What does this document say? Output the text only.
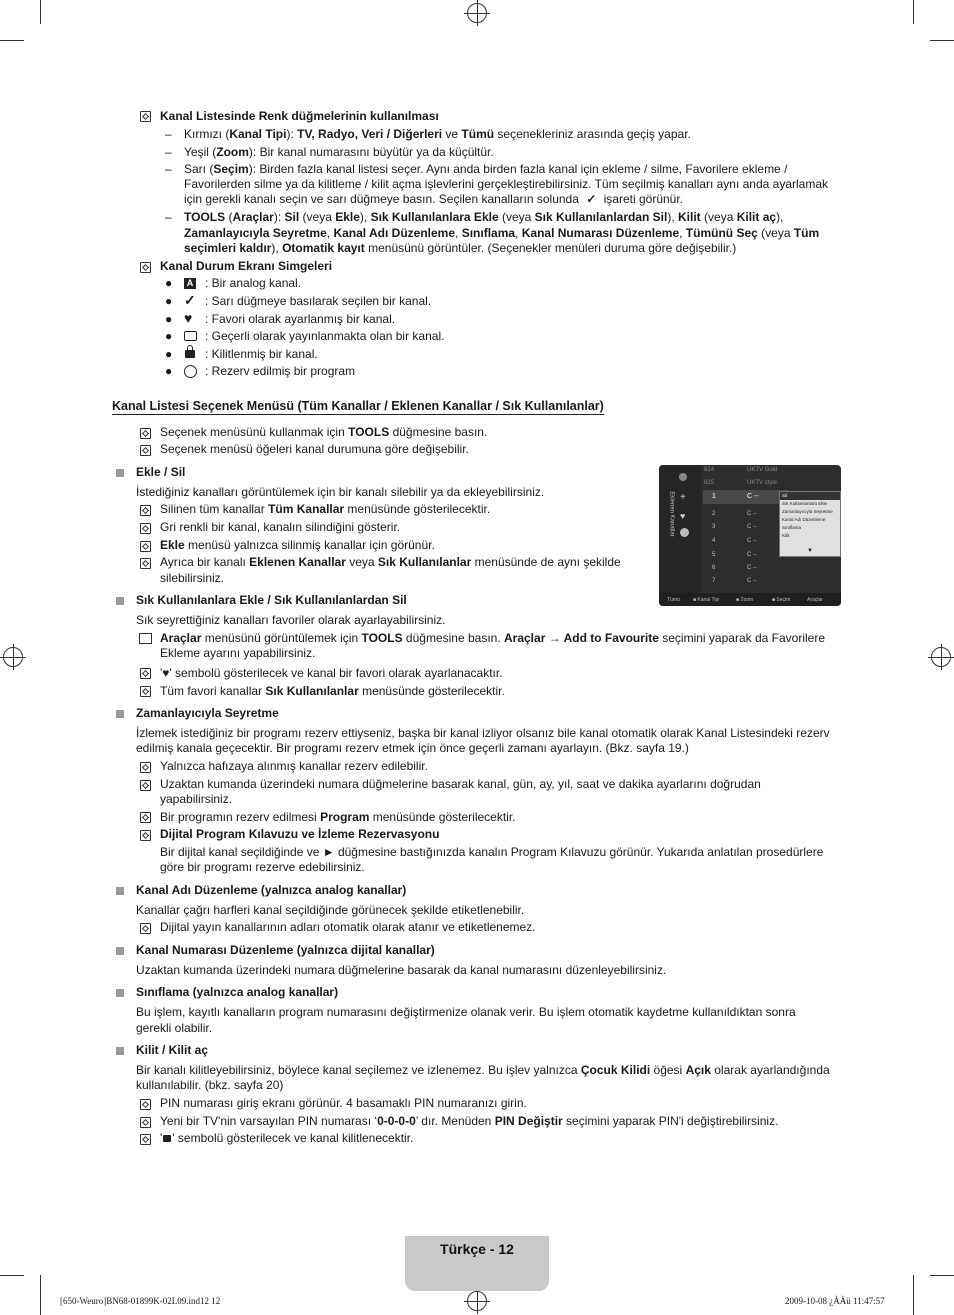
Kanal Listesinde Renk düğmelerinin kullanılması
– Kırmızı (Kanal Tipi): TV, Radyo, Veri / Diğerleri ve Tümü seçenekleriniz arasında geçiş yapar.
– Yeşil (Zoom): Bir kanal numarasını büyütür ya da küçültür.
– Sarı (Seçim): Birden fazla kanal listesi seçer. Aynı anda birden fazla kanal için ekleme / silme, Favorilere ekleme /
Favorilerden silme ya da kilitleme / kilit açma işlevlerini gerçekleştirebilirsiniz. Tüm seçilmiş kanalları aynı anda ayarlamak
için gerekli kanalı seçin ve sarı düğmeye basın. Seçilen kanalların solunda ✓ işareti görünür.
– TOOLS (Araçlar): Sil (veya Ekle), Sık Kullanılanlara Ekle (veya Sık Kullanılanlardan Sil), Kilit (veya Kilit aç),
Zamanlayıcıyla Seyretme, Kanal Adı Düzenleme, Sınıflama, Kanal Numarası Düzenleme, Tümünü Seç (veya Tüm
seçimleri kaldır), Otomatik kayıt menüsünü görüntüler. (Seçenekler menüleri duruma göre değişebilir.)
Kanal Durum Ekranı Simgeleri
●	A : Bir analog kanal.
● ✓ : Sarı düğmeye basılarak seçilen bir kanal.
● ♥ : Favori olarak ayarlanmış bir kanal.
●	: Geçerli olarak yayınlanmakta olan bir kanal.
●	: Kilitlenmiş bir kanal.
●	: Rezerv edilmiş bir program
Kanal Listesi Seçenek Menüsü (Tüm Kanallar / Eklenen Kanallar / Sık Kullanılanlar)
Seçenek menüsünü kullanmak için TOOLS düğmesine basın.
Seçenek menüsü öğeleri kanal durumuna göre değişebilir.
Ekle / Sil
İstediğiniz kanalları görüntülemek için bir kanalı silebilir ya da ekleyebilirsiniz.
Silinen tüm kanallar Tüm Kanallar menüsünde gösterilecektir.
Gri renkli bir kanal, kanalın silindiğini gösterir.
Ekle menüsü yalnızca silinmiş kanallar için görünür.
Ayrıca bir kanalı Eklenen Kanallar veya Sık Kullanılanlar menüsünde de aynı şekilde
silebilirsiniz.
Eklenen Kanallar +
♥
824	UKTV Gold
825	UKTV style
1	C --
2	C --
3	C --
4	C --
5	C --
6	C --
7	C --
Sil
Sık Kullanılanlara Ekle
Zamanlayıcıyla Seyretme
Kanal Adı Düzenleme
Sınıflama
Kilit
▼
Tümü	■ Kanal Tipi	■ Zoom	■ Seçim	Araçlar
Sık Kullanılanlara Ekle / Sık Kullanılanlardan Sil
Sık seyrettiğiniz kanalları favoriler olarak ayarlayabilirsiniz.
Araçlar menüsünü görüntülemek için TOOLS düğmesine basın. Araçlar → Add to Favourite seçimini yaparak da Favorilere
Ekleme ayarını yapabilirsiniz.
'♥' sembolü gösterilecek ve kanal bir favori olarak ayarlanacaktır.
Tüm favori kanallar Sık Kullanılanlar menüsünde gösterilecektir.
Zamanlayıcıyla Seyretme
İzlemek istediğiniz bir programı rezerv ettiyseniz, başka bir kanal izliyor olsanız bile kanal otomatik olarak Kanal Listesindeki rezerv
edilmiş kanala geçecektir. Bir programı rezerv etmek için önce geçerli zamanı ayarlayın. (Bkz. sayfa 19.)
Yalnızca hafızaya alınmış kanallar rezerv edilebilir.
Uzaktan kumanda üzerindeki numara düğmelerine basarak kanal, gün, ay, yıl, saat ve dakika ayarlarını doğrudan
yapabilirsiniz.
Bir programın rezerv edilmesi Program menüsünde gösterilecektir.
Dijital Program Kılavuzu ve İzleme Rezervasyonu
Bir dijital kanal seçildiğinde ve ► düğmesine bastığınızda kanalın Program Kılavuzu görünür. Yukarıda anlatılan prosedürlere
göre bir programı rezerve edebilirsiniz.
Kanal Adı Düzenleme (yalnızca analog kanallar)
Kanallar çağrı harfleri kanal seçildiğinde görünecek şekilde etiketlenebilir.
Dijital yayın kanallarının adları otomatik olarak atanır ve etiketlenemez.
Kanal Numarası Düzenleme (yalnızca dijital kanallar)
Uzaktan kumanda üzerindeki numara düğmelerine basarak da kanal numarasını düzenleyebilirsiniz.
Sınıflama (yalnızca analog kanallar)
Bu işlem, kayıtlı kanalların program numarasını değiştirmenize olanak verir. Bu işlem otomatik kaydetme kullanıldıktan sonra
gerekli olabilir.
Kilit / Kilit aç
Bir kanalı kilitleyebilirsiniz, böylece kanal seçilemez ve izlenemez. Bu işlev yalnızca Çocuk Kilidi öğesi Açık olarak ayarlandığında
kullanılabilir. (bkz. sayfa 20)
PIN numarası giriş ekranı görünür. 4 basamaklı PIN numaranızı girin.
Yeni bir TV'nin varsayılan PIN numarası ‘0-0-0-0’ dır. Menüden PIN Değiştir seçimini yaparak PIN'i değiştirebilirsiniz.
' ' sembolü gösterilecek ve kanal kilitlenecektir.
Türkçe - 12
[650-Weuro]BN68-01899K-02L09.ind12 12	2009-10-08 ¿ÀÀü 11:47:57
